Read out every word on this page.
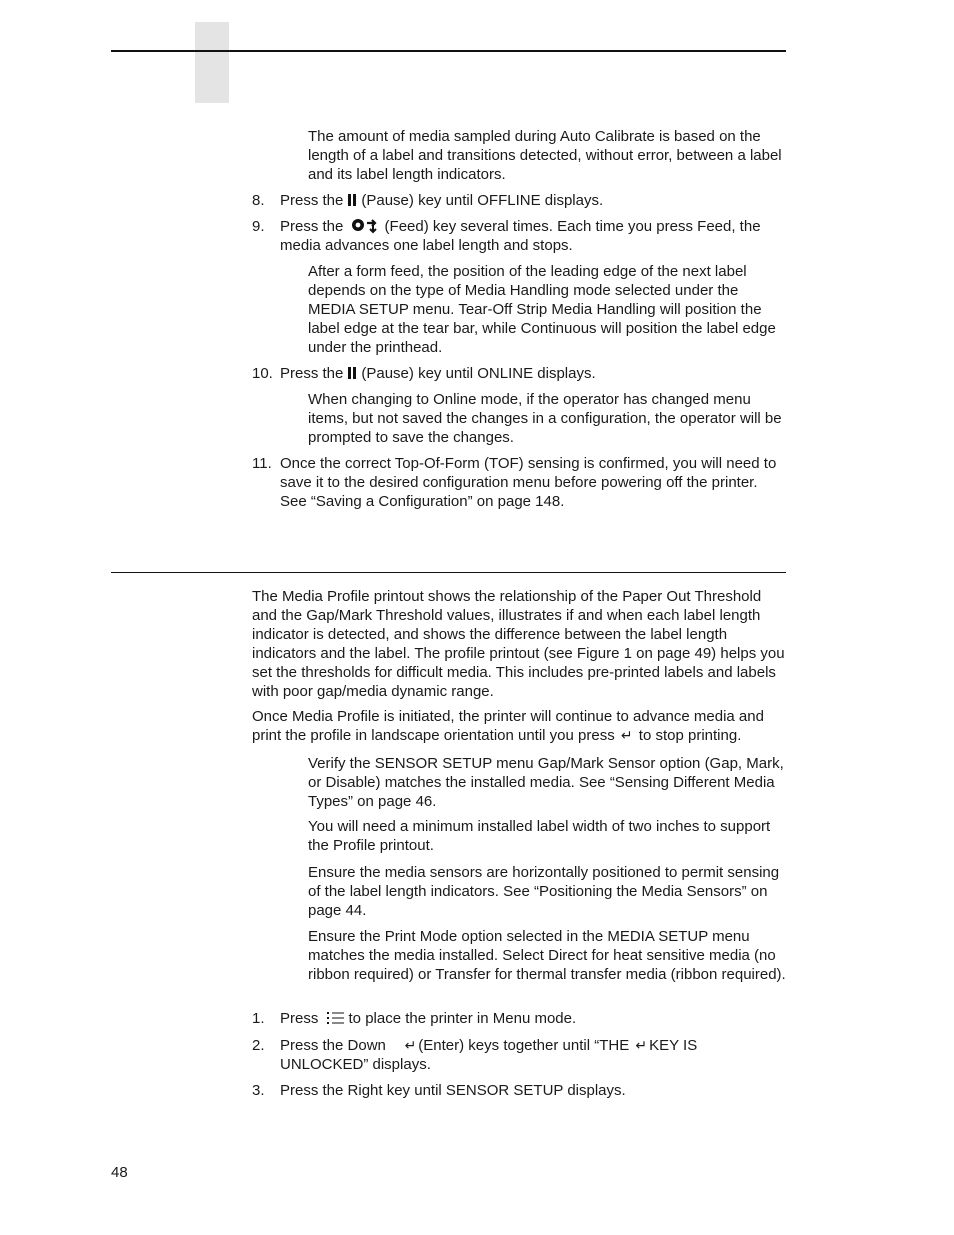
The amount of media sampled during Auto Calibrate is based on the length of a label and transitions detected, without error, between a label and its label length indicators.

8. Press the (Pause) key until OFFLINE displays.
9. Press the	(Feed) key several times. Each time you press Feed, the media advances one label length and stops.

After a form feed, the position of the leading edge of the next label depends on the type of Media Handling mode selected under the MEDIA SETUP menu. Tear-Off Strip Media Handling will position the label edge at the tear bar, while Continuous will position the label edge under the printhead.

10. Press the (Pause) key until ONLINE displays.

When changing to Online mode, if the operator has changed menu items, but not saved the changes in a configuration, the operator will be prompted to save the changes.

11. Once the correct Top-Of-Form (TOF) sensing is confirmed, you will need to save it to the desired configuration menu before powering off the printer. See “Saving a Configuration” on page 148.

The Media Profile printout shows the relationship of the Paper Out Threshold and the Gap/Mark Threshold values, illustrates if and when each label length indicator is detected, and shows the difference between the label length indicators and the label. The profile printout (see Figure 1 on page 49) helps you set the thresholds for difficult media. This includes pre-printed labels and labels with poor gap/media dynamic range.

Once Media Profile is initiated, the printer will continue to advance media and print the profile in landscape orientation until you press ↵ to stop printing.

Verify the SENSOR SETUP menu Gap/Mark Sensor option (Gap, Mark, or Disable) matches the installed media. See “Sensing Different Media Types” on page 46.

You will need a minimum installed label width of two inches to support the Profile printout.

Ensure the media sensors are horizontally positioned to permit sensing of the label length indicators. See “Positioning the Media Sensors” on page 44.

Ensure the Print Mode option selected in the MEDIA SETUP menu matches the media installed. Select Direct for heat sensitive media (no ribbon required) or Transfer for thermal transfer media (ribbon required).

1. Press to place the printer in Menu mode.
2. Press the Down ↵ (Enter) keys together until “THE ↵ KEY IS UNLOCKED” displays.
3. Press the Right key until SENSOR SETUP displays.
48
